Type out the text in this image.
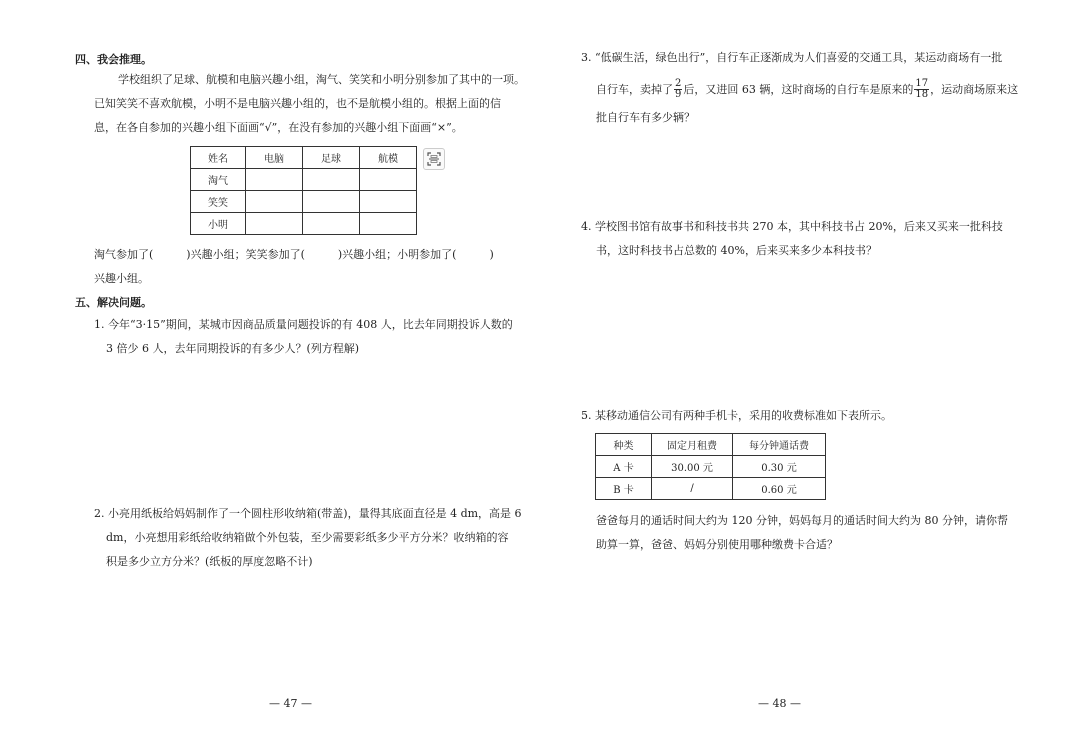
四、我会推理。
学校组织了足球、航模和电脑兴趣小组，淘气、笑笑和小明分别参加了其中的一项。
已知笑笑不喜欢航模，小明不是电脑兴趣小组的，也不是航模小组的。根据上面的信
息，在各自参加的兴趣小组下面画“√”，在没有参加的兴趣小组下面画“×”。
姓名	电脑	足球	航模
淘气			
笑笑			
小明			
淘气参加了(　　　)兴趣小组；笑笑参加了(　　　)兴趣小组；小明参加了(　　　)
兴趣小组。
五、解决问题。
1. 今年“3·15”期间，某城市因商品质量问题投诉的有 408 人，比去年同期投诉人数的
3 倍少 6 人，去年同期投诉的有多少人？(列方程解)
2. 小亮用纸板给妈妈制作了一个圆柱形收纳箱(带盖)，量得其底面直径是 4 dm，高是 6
dm，小亮想用彩纸给收纳箱做个外包装，至少需要彩纸多少平方分米？收纳箱的容
积是多少立方分米？(纸板的厚度忽略不计)
— 47 —
3. “低碳生活，绿色出行”，自行车正逐渐成为人们喜爱的交通工具，某运动商场有一批
自行车，卖掉了 $\frac{2}{9}$ 后，又进回 63 辆，这时商场的自行车是原来的 $\frac{17}{18}$ ，运动商场原来这
批自行车有多少辆？
4. 学校图书馆有故事书和科技书共 270 本，其中科技书占 20%，后来又买来一批科技
书，这时科技书占总数的 40%，后来买来多少本科技书？
5. 某移动通信公司有两种手机卡，采用的收费标准如下表所示。
种类	固定月租费	每分钟通话费
A 卡	30.00 元	0.30 元
B 卡	/	0.60 元
爸爸每月的通话时间大约为 120 分钟，妈妈每月的通话时间大约为 80 分钟，请你帮
助算一算，爸爸、妈妈分别使用哪种缴费卡合适？
— 48 —
